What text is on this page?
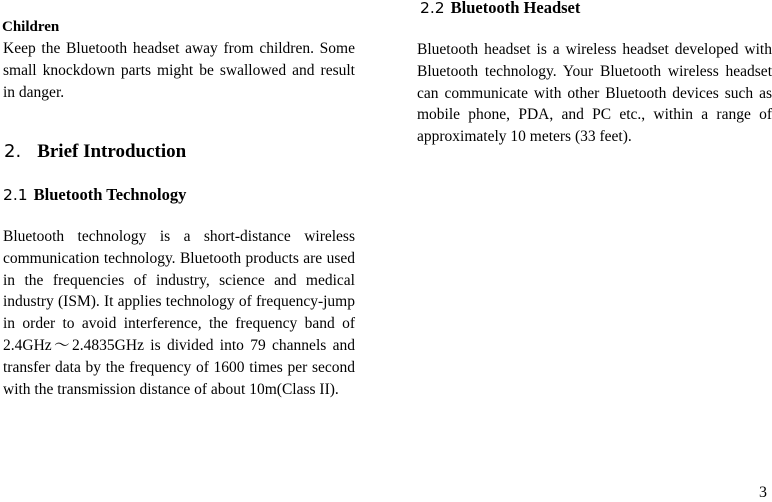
Children

Keep the Bluetooth headset away from children. Some small knockdown parts might be swallowed and result in danger.

2. Brief Introduction
2.1 Bluetooth Technology

Bluetooth technology is a short-distance wireless communication technology. Bluetooth products are used in the frequencies of industry, science and medical industry (ISM). It applies technology of frequency-jump in order to avoid interference, the frequency band of 2.4GHz～2.4835GHz is divided into 79 channels and transfer data by the frequency of 1600 times per second with the transmission distance of about 10m(Class II).

2.2 Bluetooth Headset

Bluetooth headset is a wireless headset developed with Bluetooth technology. Your Bluetooth wireless headset can communicate with other Bluetooth devices such as mobile phone, PDA, and PC etc., within a range of approximately 10 meters (33 feet).

3
